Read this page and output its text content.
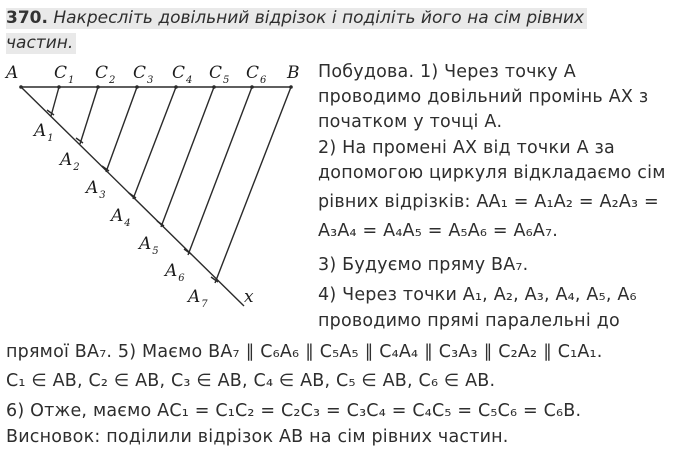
370. Накресліть довільний відрізок і поділіть його на сім рівних
частин.
A $C_1$ $C_2$ $C_3$ $C_4$ $C_5$ $C_6$ B
$A_1$
$A_2$
$A_3$
$A_4$
$A_5$
$A_6$
$A_7$ x
Побудова. 1) Через точку А
проводимо довільний промінь АХ з
початком у точці А.
2) На промені АХ від точки А за
допомогою циркуля відкладаємо сім
рівних відрізків: АА₁ = А₁А₂ = А₂А₃ =
А₃А₄ = А₄А₅ = А₅А₆ = А₆А₇.
3) Будуємо пряму ВА₇.
4) Через точки А₁, А₂, А₃, А₄, А₅, А₆
проводимо прямі паралельні до
прямої ВА₇. 5) Маємо ВА₇ ∥ С₆А₆ ∥ С₅А₅ ∥ С₄А₄ ∥ С₃А₃ ∥ С₂А₂ ∥ С₁А₁.
С₁ ∈ АВ, С₂ ∈ АВ, С₃ ∈ АВ, С₄ ∈ АВ, С₅ ∈ АВ, С₆ ∈ АВ.
6) Отже, маємо АС₁ = С₁С₂ = С₂С₃ = С₃С₄ = С₄С₅ = С₅С₆ = С₆В.
Висновок: поділили відрізок АВ на сім рівних частин.
